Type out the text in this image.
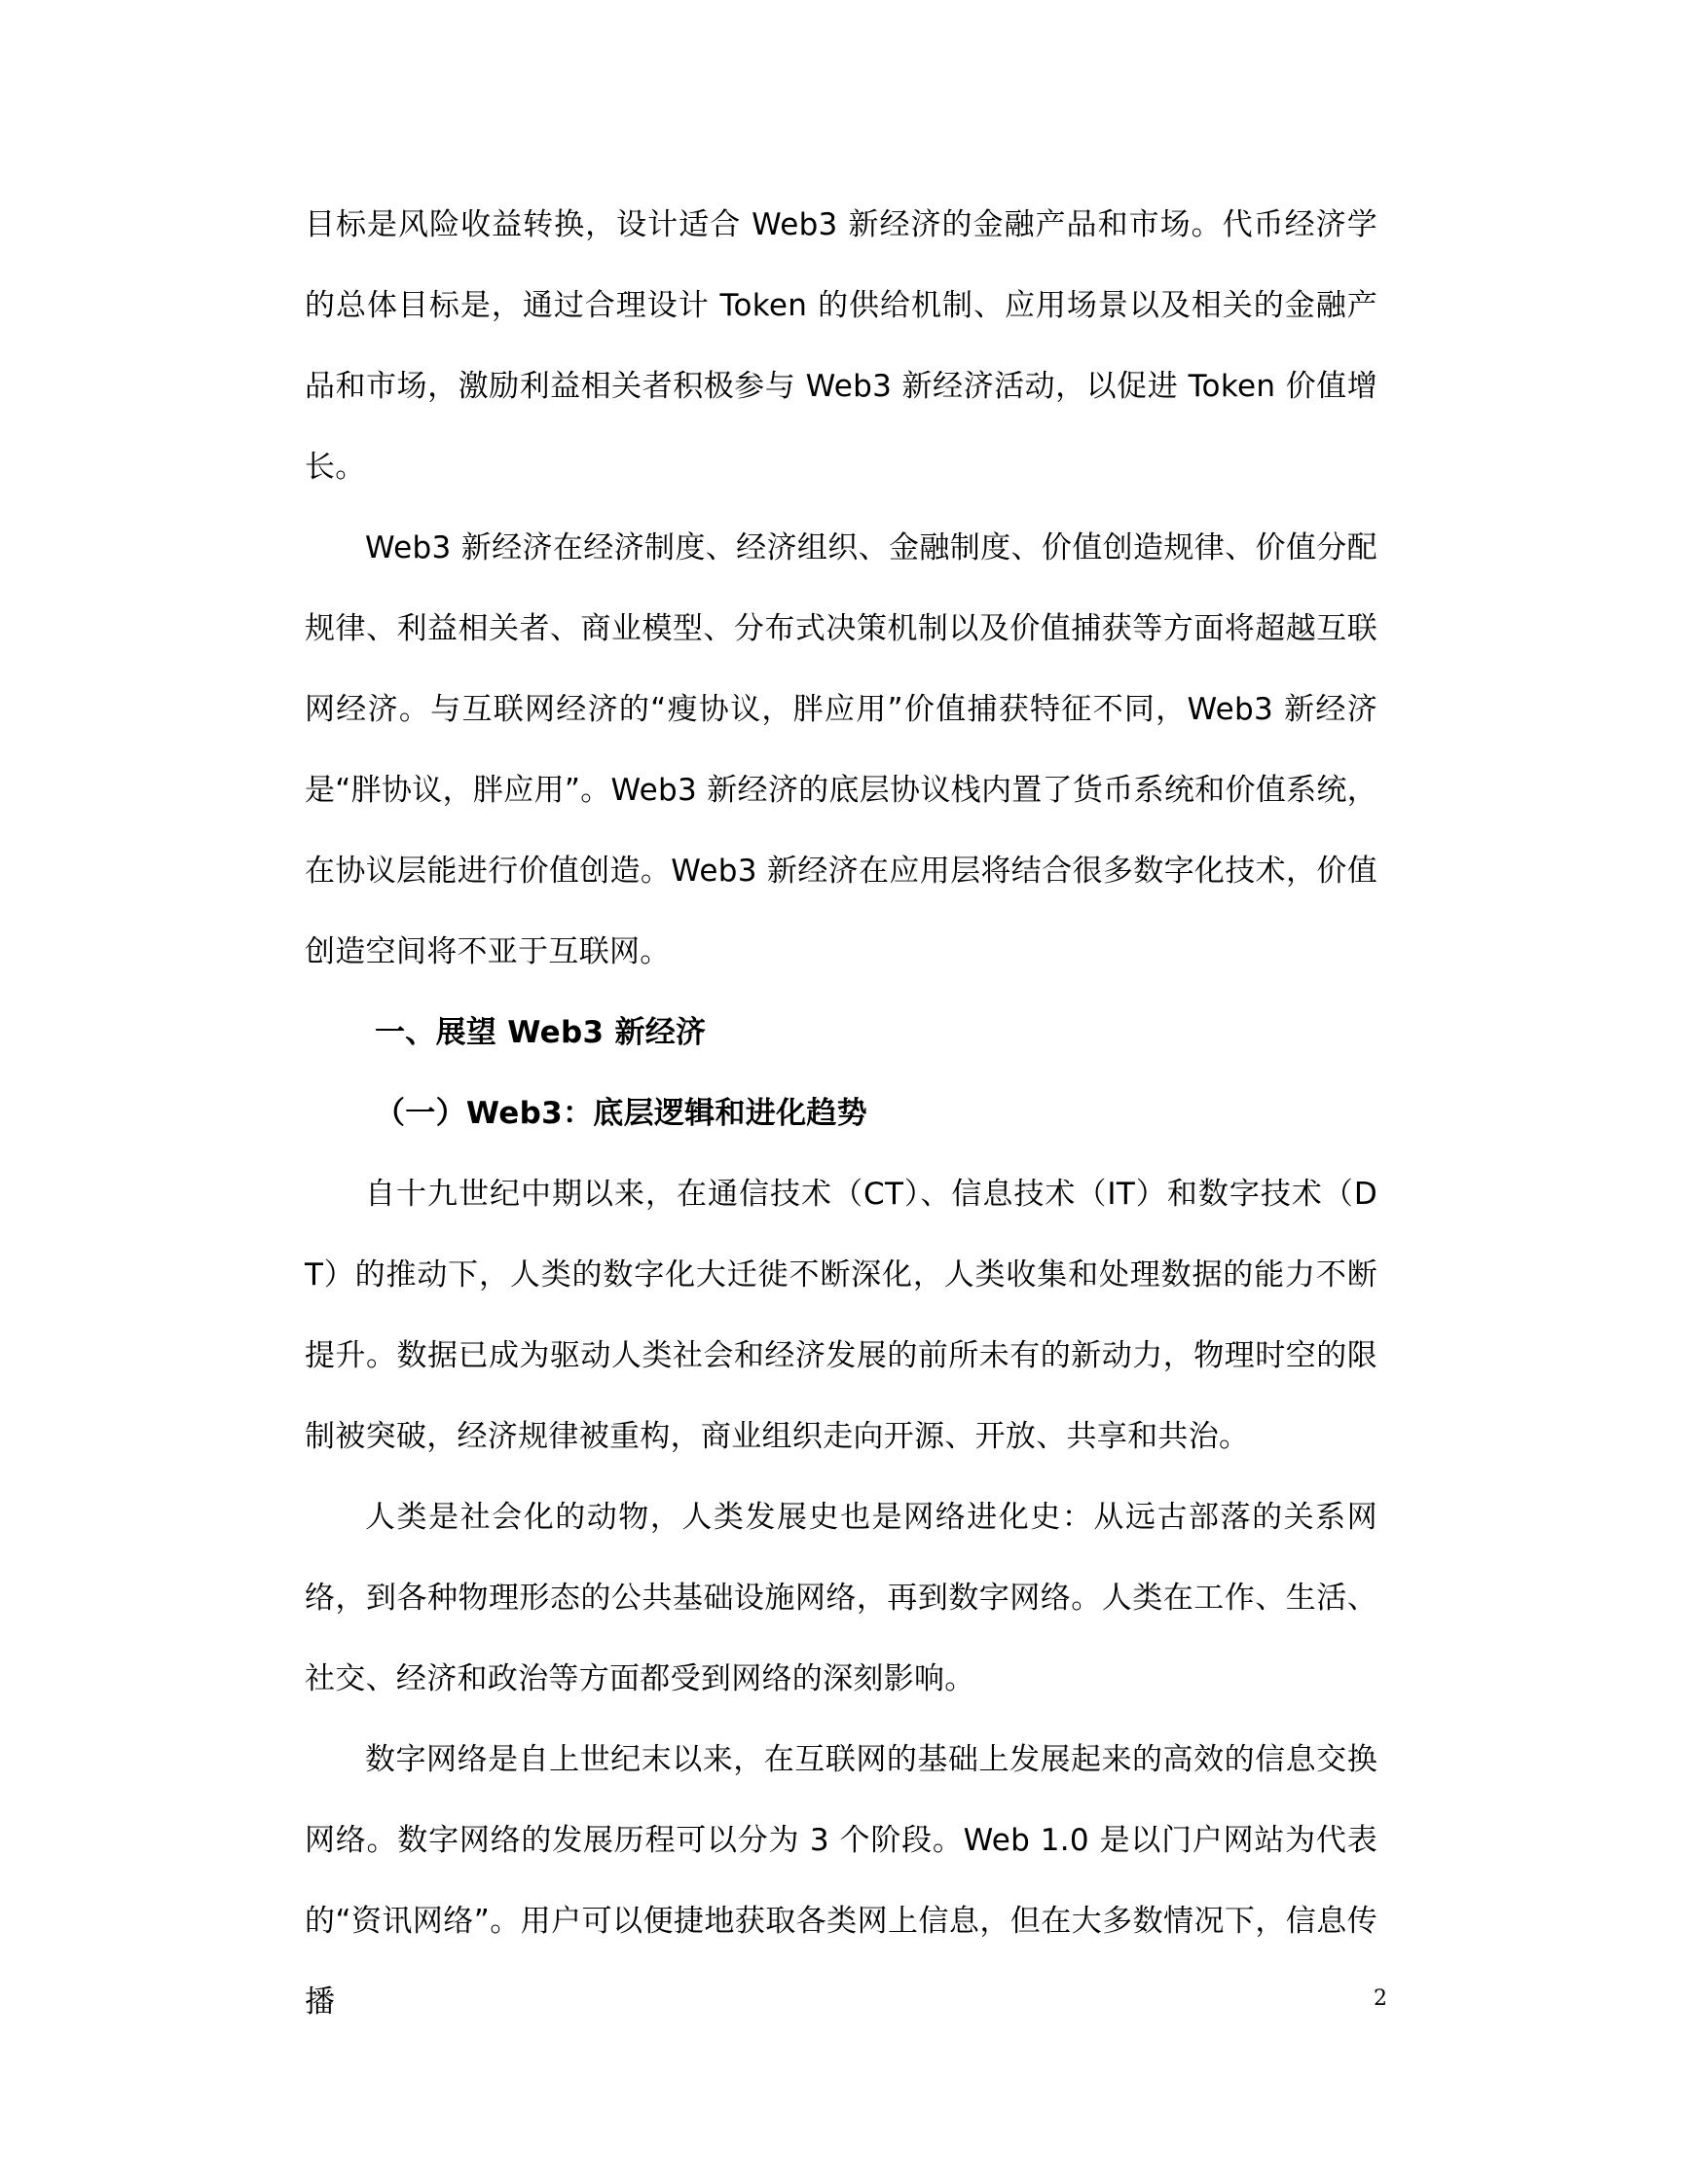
目标是风险收益转换，设计适合 Web3 新经济的金融产品和市场。代币经济学的总体目标是，通过合理设计 Token 的供给机制、应用场景以及相关的金融产品和市场，激励利益相关者积极参与 Web3 新经济活动，以促进 Token 价值增长。

Web3 新经济在经济制度、经济组织、金融制度、价值创造规律、价值分配规律、利益相关者、商业模型、分布式决策机制以及价值捕获等方面将超越互联网经济。与互联网经济的“瘦协议，胖应用”价值捕获特征不同，Web3 新经济是“胖协议，胖应用”。Web3 新经济的底层协议栈内置了货币系统和价值系统，在协议层能进行价值创造。Web3 新经济在应用层将结合很多数字化技术，价值创造空间将不亚于互联网。

一、展望 Web3 新经济
（一）Web3：底层逻辑和进化趋势

自十九世纪中期以来，在通信技术（CT）、信息技术（IT）和数字技术（DT）的推动下，人类的数字化大迁徙不断深化，人类收集和处理数据的能力不断提升。数据已成为驱动人类社会和经济发展的前所未有的新动力，物理时空的限制被突破，经济规律被重构，商业组织走向开源、开放、共享和共治。

人类是社会化的动物，人类发展史也是网络进化史：从远古部落的关系网络，到各种物理形态的公共基础设施网络，再到数字网络。人类在工作、生活、社交、经济和政治等方面都受到网络的深刻影响。

数字网络是自上世纪末以来，在互联网的基础上发展起来的高效的信息交换网络。数字网络的发展历程可以分为 3 个阶段。Web 1.0 是以门户网站为代表的“资讯网络”。用户可以便捷地获取各类网上信息，但在大多数情况下，信息传播	2
